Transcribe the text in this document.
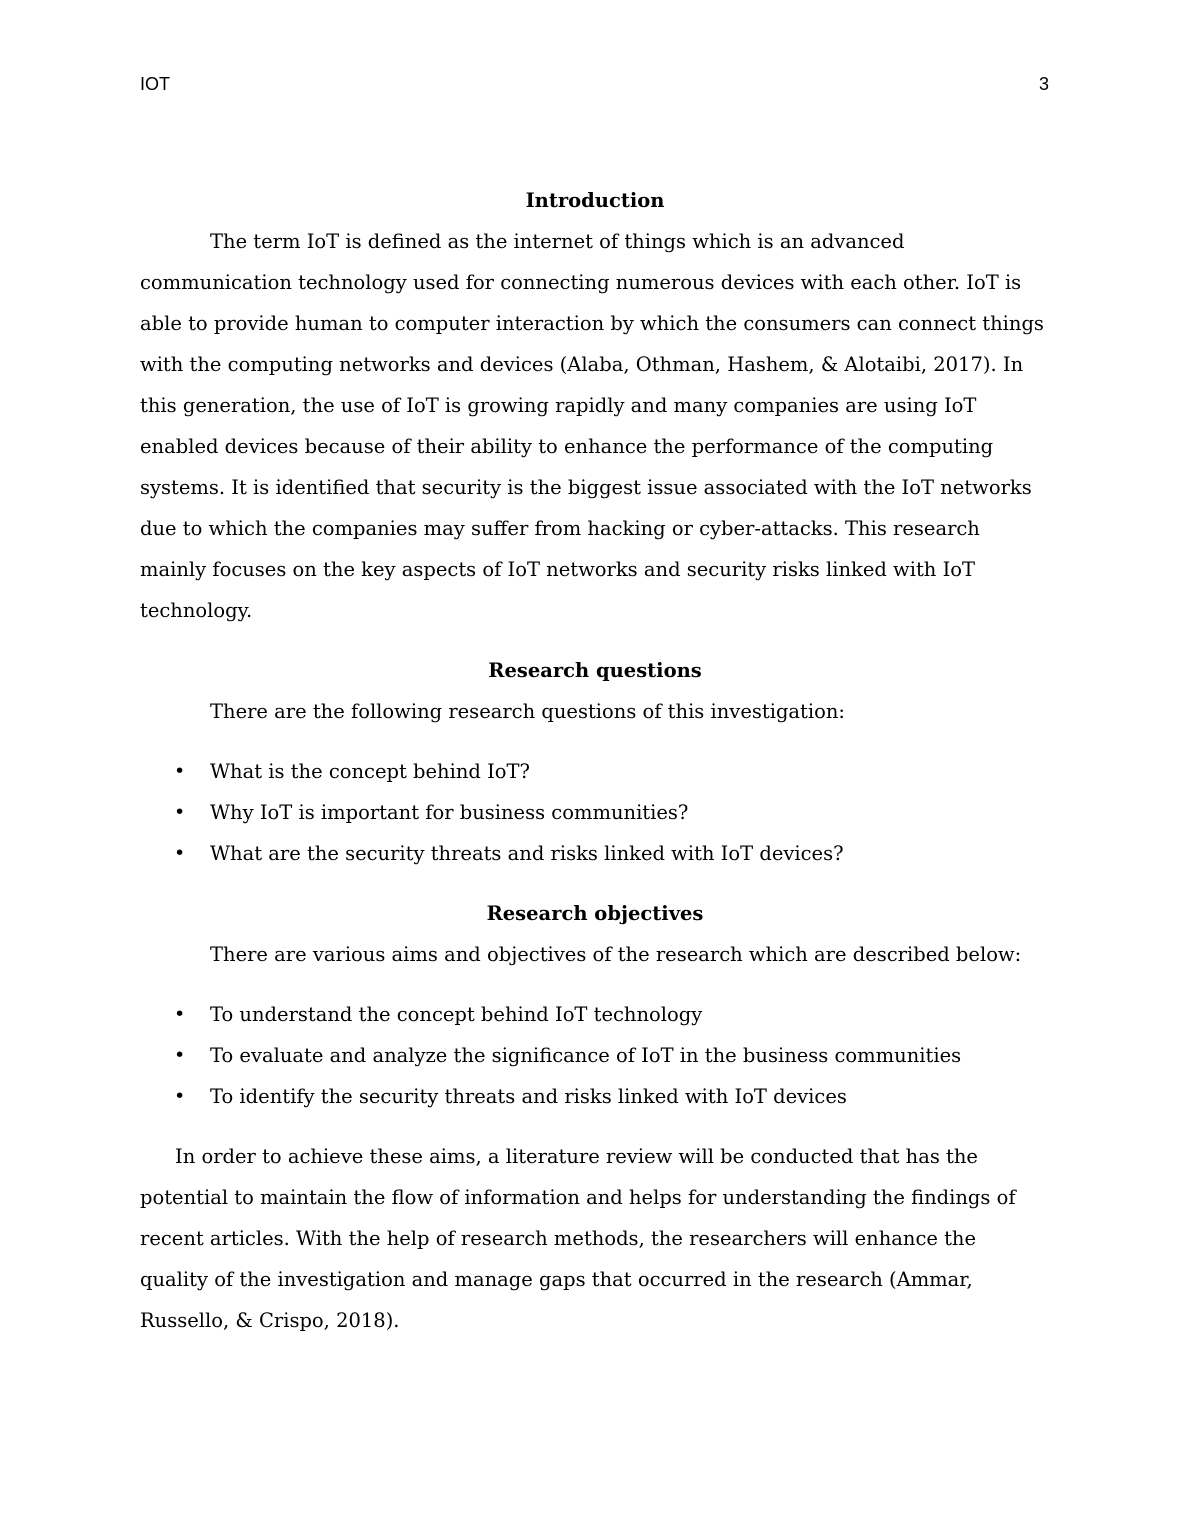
IOT	3
Introduction

The term IoT is defined as the internet of things which is an advanced communication technology used for connecting numerous devices with each other. IoT is able to provide human to computer interaction by which the consumers can connect things with the computing networks and devices (Alaba, Othman, Hashem, & Alotaibi, 2017). In this generation, the use of IoT is growing rapidly and many companies are using IoT enabled devices because of their ability to enhance the performance of the computing systems. It is identified that security is the biggest issue associated with the IoT networks due to which the companies may suffer from hacking or cyber-attacks. This research mainly focuses on the key aspects of IoT networks and security risks linked with IoT technology.

Research questions

There are the following research questions of this investigation:

• What is the concept behind IoT?
• Why IoT is important for business communities?
• What are the security threats and risks linked with IoT devices?
Research objectives

There are various aims and objectives of the research which are described below:

• To understand the concept behind IoT technology
• To evaluate and analyze the significance of IoT in the business communities
• To identify the security threats and risks linked with IoT devices

In order to achieve these aims, a literature review will be conducted that has the potential to maintain the flow of information and helps for understanding the findings of recent articles. With the help of research methods, the researchers will enhance the quality of the investigation and manage gaps that occurred in the research (Ammar, Russello, & Crispo, 2018).
